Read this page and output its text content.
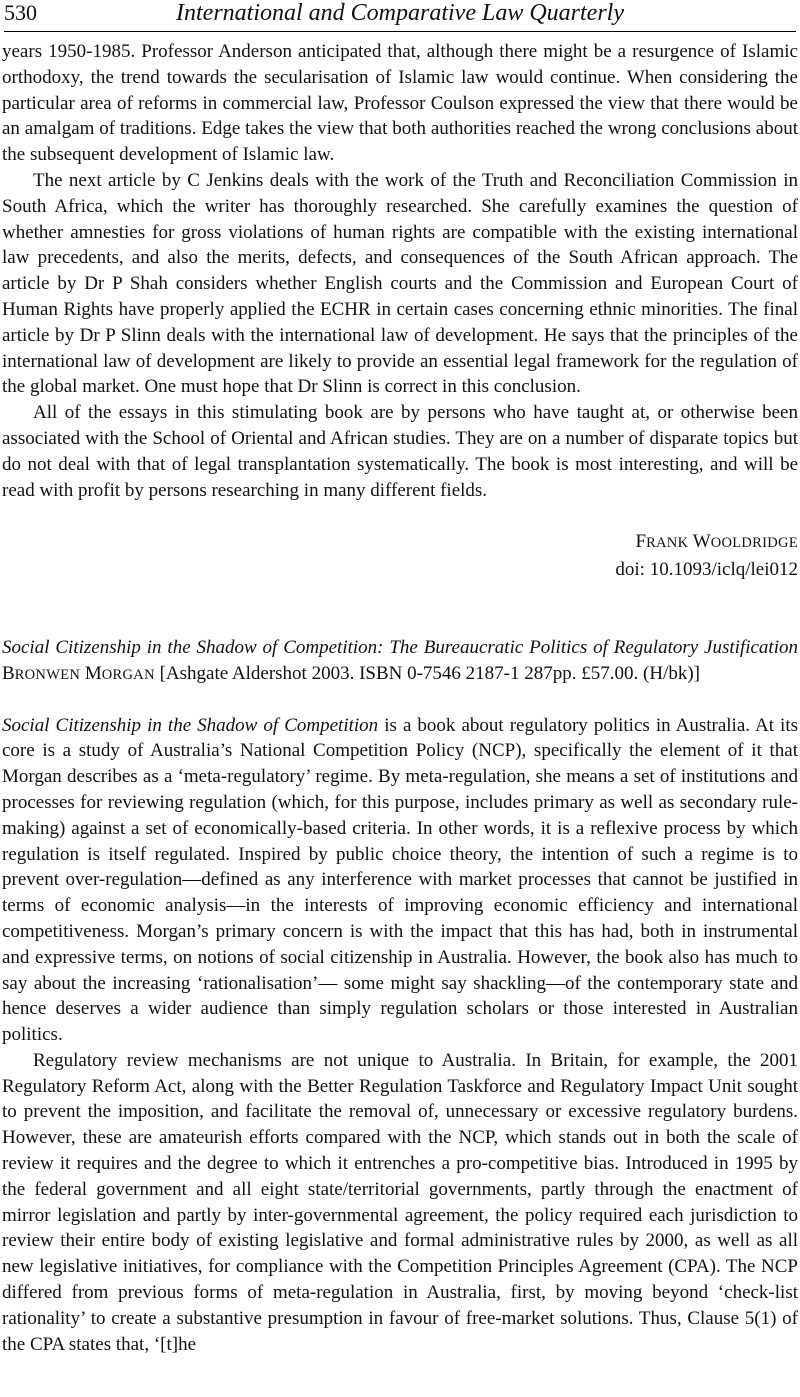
530	International and Comparative Law Quarterly

years 1950-1985. Professor Anderson anticipated that, although there might be a resurgence of Islamic orthodoxy, the trend towards the secularisation of Islamic law would continue. When considering the particular area of reforms in commercial law, Professor Coulson expressed the view that there would be an amalgam of traditions. Edge takes the view that both authorities reached the wrong conclusions about the subsequent development of Islamic law.

The next article by C Jenkins deals with the work of the Truth and Reconciliation Commission in South Africa, which the writer has thoroughly researched. She carefully examines the question of whether amnesties for gross violations of human rights are compatible with the existing international law precedents, and also the merits, defects, and consequences of the South African approach. The article by Dr P Shah considers whether English courts and the Commission and European Court of Human Rights have properly applied the ECHR in certain cases concerning ethnic minorities. The final article by Dr P Slinn deals with the international law of development. He says that the principles of the international law of development are likely to provide an essential legal framework for the regulation of the global market. One must hope that Dr Slinn is correct in this conclusion.

All of the essays in this stimulating book are by persons who have taught at, or otherwise been associated with the School of Oriental and African studies. They are on a number of disparate topics but do not deal with that of legal transplantation systematically. The book is most interesting, and will be read with profit by persons researching in many different fields.

FRANK WOOLDRIDGE

doi: 10.1093/iclq/lei012

Social Citizenship in the Shadow of Competition: The Bureaucratic Politics of Regulatory Justification BRONWEN MORGAN [Ashgate Aldershot 2003. ISBN 0-7546 2187-1 287pp. £57.00. (H/bk)]

Social Citizenship in the Shadow of Competition is a book about regulatory politics in Australia. At its core is a study of Australia’s National Competition Policy (NCP), specifically the element of it that Morgan describes as a ‘meta-regulatory’ regime. By meta-regulation, she means a set of institutions and processes for reviewing regulation (which, for this purpose, includes primary as well as secondary rule-making) against a set of economically-based criteria. In other words, it is a reflexive process by which regulation is itself regulated. Inspired by public choice theory, the intention of such a regime is to prevent over-regulation—defined as any interference with market processes that cannot be justified in terms of economic analysis—in the interests of improving economic efficiency and international competitiveness. Morgan’s primary concern is with the impact that this has had, both in instrumental and expressive terms, on notions of social citizenship in Australia. However, the book also has much to say about the increasing ‘rationalisation’— some might say shackling—of the contemporary state and hence deserves a wider audience than simply regulation scholars or those interested in Australian politics.

Regulatory review mechanisms are not unique to Australia. In Britain, for example, the 2001 Regulatory Reform Act, along with the Better Regulation Taskforce and Regulatory Impact Unit sought to prevent the imposition, and facilitate the removal of, unnecessary or excessive regulatory burdens. However, these are amateurish efforts compared with the NCP, which stands out in both the scale of review it requires and the degree to which it entrenches a pro-competitive bias. Introduced in 1995 by the federal government and all eight state/territorial governments, partly through the enactment of mirror legislation and partly by inter-governmental agreement, the policy required each jurisdiction to review their entire body of existing legislative and formal administrative rules by 2000, as well as all new legislative initiatives, for compliance with the Competition Principles Agreement (CPA). The NCP differed from previous forms of meta-regulation in Australia, first, by moving beyond ‘check-list rationality’ to create a substantive presumption in favour of free-market solutions. Thus, Clause 5(1) of the CPA states that, ‘[t]he
